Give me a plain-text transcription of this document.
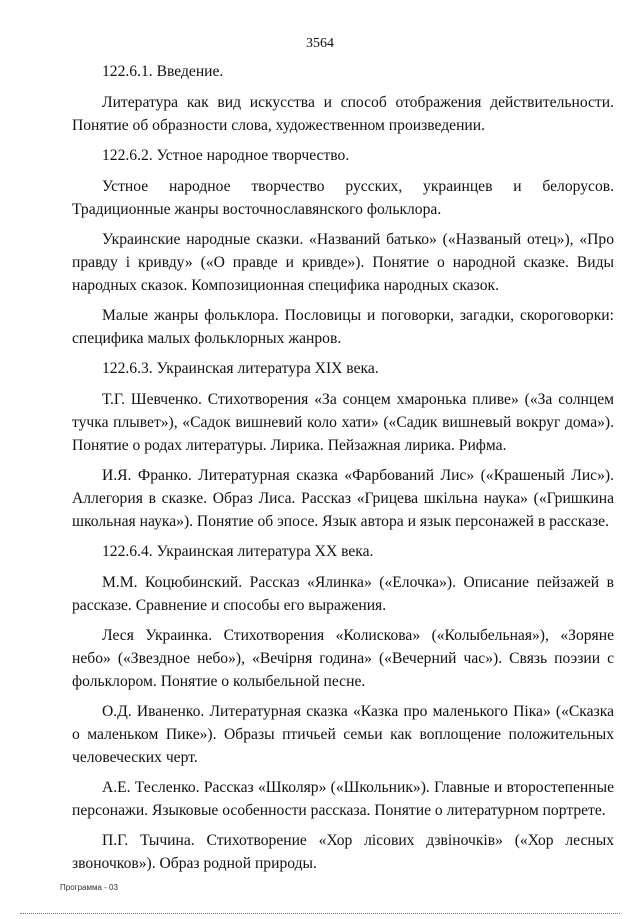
3564

122.6.1. Введение.

Литература как вид искусства и способ отображения действительности. Понятие об образности слова, художественном произведении.

122.6.2. Устное народное творчество.

Устное народное творчество русских, украинцев и белорусов. Традиционные жанры восточнославянского фольклора.

Украинские народные сказки. «Названий батько» («Названый отец»), «Про правду і кривду» («О правде и кривде»). Понятие о народной сказке. Виды народных сказок. Композиционная специфика народных сказок.

Малые жанры фольклора. Пословицы и поговорки, загадки, скороговорки: специфика малых фольклорных жанров.

122.6.3. Украинская литература XIX века.

Т.Г. Шевченко. Стихотворения «За сонцем хмаронька пливе» («За солнцем тучка плывет»), «Садок вишневий коло хати» («Садик вишневый вокруг дома»). Понятие о родах литературы. Лирика. Пейзажная лирика. Рифма.

И.Я. Франко. Литературная сказка «Фарбований Лис» («Крашеный Лис»). Аллегория в сказке. Образ Лиса. Рассказ «Грицева шкільна наука» («Гришкина школьная наука»). Понятие об эпосе. Язык автора и язык персонажей в рассказе.

122.6.4. Украинская литература XX века.

М.М. Коцюбинский. Рассказ «Ялинка» («Елочка»). Описание пейзажей в рассказе. Сравнение и способы его выражения.

Леся Украинка. Стихотворения «Колискова» («Колыбельная»), «Зоряне небо» («Звездное небо»), «Вечірня година» («Вечерний час»). Связь поэзии с фольклором. Понятие о колыбельной песне.

О.Д. Иваненко. Литературная сказка «Казка про маленького Піка» («Сказка о маленьком Пике»). Образы птичьей семьи как воплощение положительных человеческих черт.

А.Е. Тесленко. Рассказ «Школяр» («Школьник»). Главные и второстепенные персонажи. Языковые особенности рассказа. Понятие о литературном портрете.

П.Г. Тычина. Стихотворение «Хор лісових дзвіночків» («Хор лесных звоночков»). Образ родной природы.

Программа - 03
